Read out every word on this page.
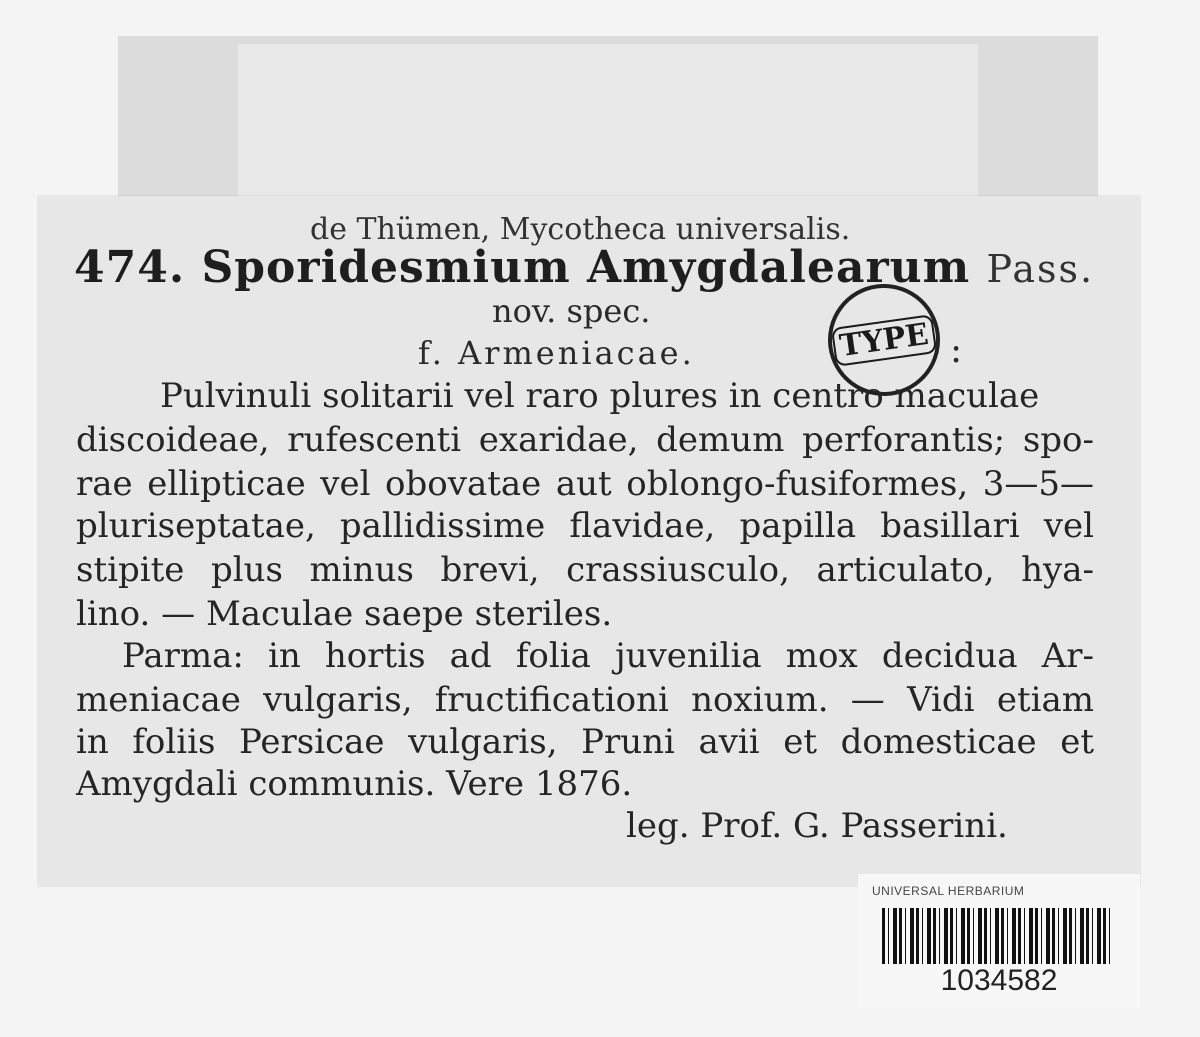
de Thümen, Mycotheca universalis.
474. Sporidesmium Amygdalearum Pass.
nov. spec.
f. Armeniacae.	:
TYPE
Pulvinuli solitarii vel raro plures in centro maculae
discoideae, rufescenti exaridae, demum perforantis; spo-
rae ellipticae vel obovatae aut oblongo-fusiformes, 3—5—
pluriseptatae, pallidissime flavidae, papilla basillari vel
stipite plus minus brevi, crassiusculo, articulato, hya-
lino. — Maculae saepe steriles.
Parma: in hortis ad folia juvenilia mox decidua Ar-
meniacae vulgaris, fructificationi noxium. — Vidi etiam
in foliis Persicae vulgaris, Pruni avii et domesticae et
Amygdali communis. Vere 1876.
leg. Prof. G. Passerini.
UNIVERSAL HERBARIUM
1034582
